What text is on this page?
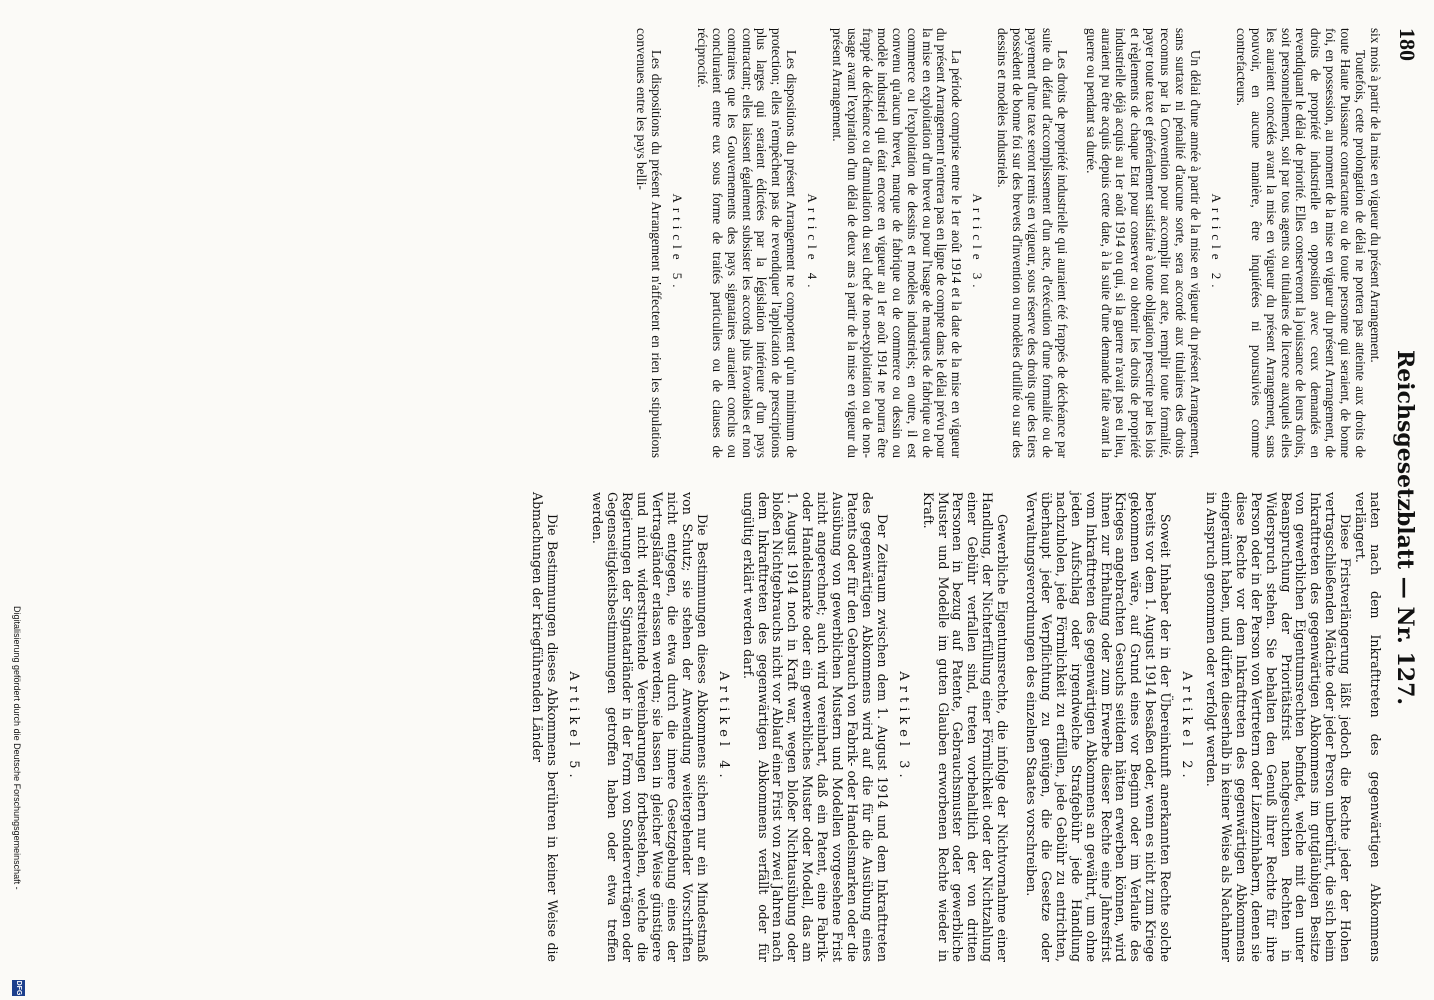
180
Reichsgesetzblatt — Nr. 127.

six mois à partir de la mise en vigueur du présent Arrangement.

Toutefois, cette prolongation de délai ne portera pas atteinte aux droits de toute Haute Puissance contractante ou de toute personne qui seraient, de bonne foi, en possession, au moment de la mise en vigueur du présent Arrangement, de droits de propriété industrielle en opposition avec ceux demandés en revendiquant le délai de priorité. Elles conserveront la jouissance de leurs droits, soit personnellement, soit par tous agents ou titulaires de licence auxquels elles les auraient concédés avant la mise en vigueur du présent Arrangement, sans pouvoir, en aucune manière, être inquiétées ni poursuivies comme contrefacteurs.

Article 2.

Un délai d'une année à partir de la mise en vigueur du présent Arrangement, sans surtaxe ni pénalité d'aucune sorte, sera accordé aux titulaires des droits reconnus par la Convention pour accomplir tout acte, remplir toute formalité, payer toute taxe et généralement satisfaire à toute obligation prescrite par les lois et règlements de chaque Etat pour conserver ou obtenir les droits de propriété industrielle déjà acquis au 1er août 1914 ou qui, si la guerre n'avait pas eu lieu, auraient pu être acquis depuis cette date, à la suite d'une demande faite avant la guerre ou pendant sa durée.

Les droits de propriété industrielle qui auraient été frappés de déchéance par suite du défaut d'accomplissement d'un acte, d'exécution d'une formalité ou de payement d'une taxe seront remis en vigueur, sous réserve des droits que des tiers possèdent de bonne foi sur des brevets d'invention ou modèles d'utilité ou sur des dessins et modèles industriels.

Article 3.

La période comprise entre le 1er août 1914 et la date de la mise en vigueur du présent Arrangement n'entrera pas en ligne de compte dans le délai prévu pour la mise en exploitation d'un brevet ou pour l'usage de marques de fabrique ou de commerce ou l'exploitation de dessins et modèles industriels; en outre, il est convenu qu'aucun brevet, marque de fabrique ou de commerce ou dessin ou modèle industriel qui était encore en vigueur au 1er août 1914 ne pourra être frappé de déchéance ou d'annulation du seul chef de non-exploitation ou de non-usage avant l'expiration d'un délai de deux ans à partir de la mise en vigueur du présent Arrangement.

Article 4.

Les dispositions du présent Arrangement ne comportent qu'un minimum de protection; elles n'empêchent pas de revendiquer l'application de prescriptions plus larges qui seraient édictées par la législation intérieure d'un pays contractant; elles laissent également subsister les accords plus favorables et non contraires que les Gouvernements des pays signataires auraient conclus ou concluraient entre eux sous forme de traités particuliers ou de clauses de réciprocité.

Article 5.

Les dispositions du présent Arrangement n'affectent en rien les stipulations convenues entre les pays belli-

naten nach dem Inkrafttreten des gegenwärtigen Abkommens verlängert.

Diese Fristverlängerung läßt jedoch die Rechte jeder der Hohen vertragschließenden Mächte oder jeder Person unberührt, die sich beim Inkrafttreten des gegenwärtigen Abkommens im gutgläubigen Besitze von gewerblichen Eigentumsrechten befindet, welche mit den unter Beanspruchung der Prioritätsfrist nachgesuchten Rechten in Widerspruch stehen. Sie behalten den Genuß ihrer Rechte für ihre Person oder in der Person von Vertretern oder Lizenzinhabern, denen sie diese Rechte vor dem Inkrafttreten des gegenwärtigen Abkommens eingeräumt haben, und dürfen dieserhalb in keiner Weise als Nachahmer in Anspruch genommen oder verfolgt werden.

Artikel 2.

Soweit Inhaber der in der Übereinkunft anerkannten Rechte solche bereits vor dem 1. August 1914 besaßen oder, wenn es nicht zum Kriege gekommen wäre, auf Grund eines vor Beginn oder im Verlaufe des Krieges angebrachten Gesuchs seitdem hätten erwerben können, wird ihnen zur Erhaltung oder zum Erwerbe dieser Rechte eine Jahresfrist vom Inkrafttreten des gegenwärtigen Abkommens an gewährt, um ohne jeden Aufschlag oder irgendwelche Strafgebühr jede Handlung nachzuholen, jede Förmlichkeit zu erfüllen, jede Gebühr zu entrichten, überhaupt jeder Verpflichtung zu genügen, die die Gesetze oder Verwaltungsverordnungen des einzelnen Staates vorschreiben.

Gewerbliche Eigentumsrechte, die infolge der Nichtvornahme einer Handlung, der Nichterfüllung einer Förmlichkeit oder der Nichtzahlung einer Gebühr verfallen sind, treten vorbehaltlich der von dritten Personen in bezug auf Patente, Gebrauchsmuster oder gewerbliche Muster und Modelle im guten Glauben erworbenen Rechte wieder in Kraft.

Artikel 3.

Der Zeitraum zwischen dem 1. August 1914 und dem Inkrafttreten des gegenwärtigen Abkommens wird auf die für die Ausübung eines Patents oder für den Gebrauch von Fabrik- oder Handelsmarken oder die Ausübung von gewerblichen Mustern und Modellen vorgesehene Frist nicht angerechnet; auch wird vereinbart, daß ein Patent, eine Fabrik- oder Handelsmarke oder ein gewerbliches Muster oder Modell, das am 1. August 1914 noch in Kraft war, wegen bloßer Nichtausübung oder bloßen Nichtgebrauchs nicht vor Ablauf einer Frist von zwei Jahren nach dem Inkrafttreten des gegenwärtigen Abkommens verfällt oder für ungültig erklärt werden darf.

Artikel 4.

Die Bestimmungen dieses Abkommens sichern nur ein Mindestmaß von Schutz; sie stehen der Anwendung weitergehender Vorschriften nicht entgegen, die etwa durch die innere Gesetzgebung eines der Vertragsländer erlassen werden; sie lassen in gleicher Weise günstigere und nicht widerstreitende Vereinbarungen fortbestehen, welche die Regierungen der Signatarländer in der Form von Sonderverträgen oder Gegenseitigkeitsbestimmungen getroffen haben oder etwa treffen werden.

Artikel 5.

Die Bestimmungen dieses Abkommens berühren in keiner Weise die Abmachungen der kriegführenden Länder

Digitalisierung gefördert durch die Deutsche Forschungsgemeinschaft -
DFG
